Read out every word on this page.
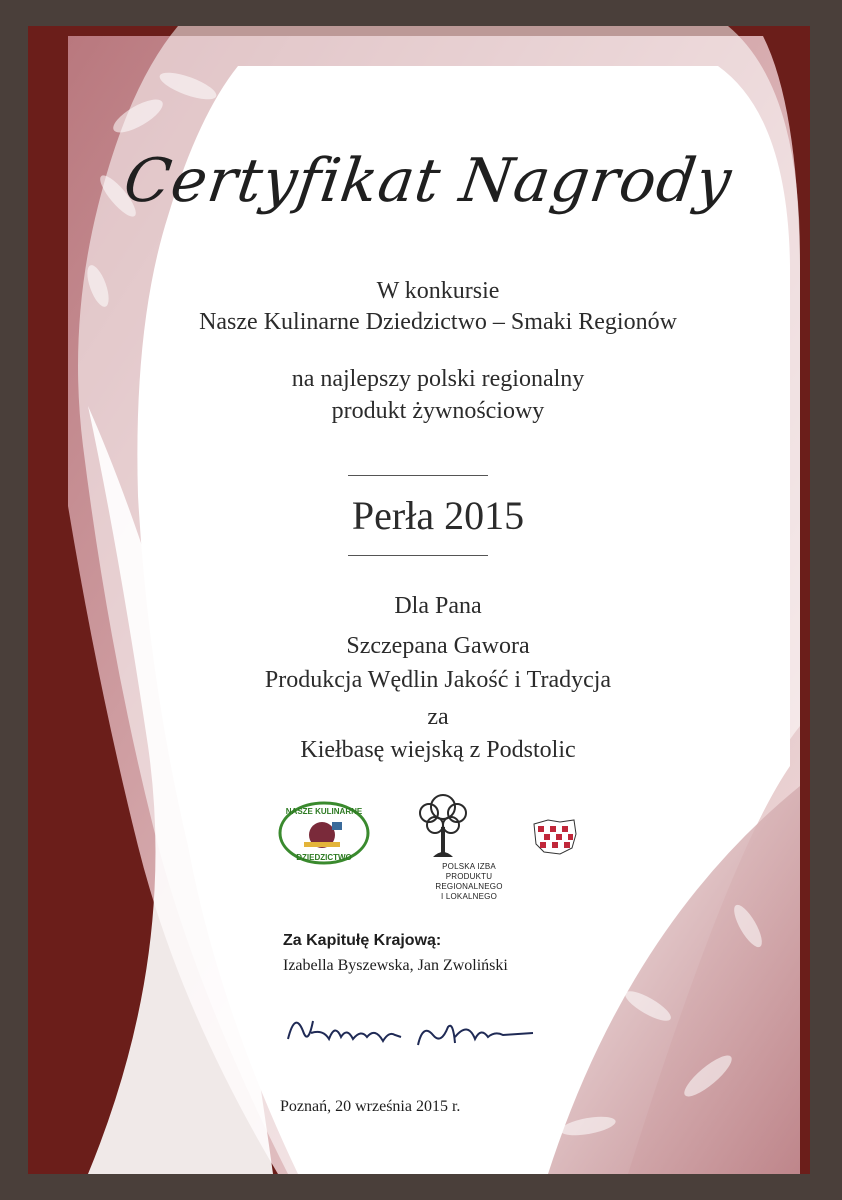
Certyfikat Nagrody
W konkursie
Nasze Kulinarne Dziedzictwo – Smaki Regionów
na najlepszy polski regionalny
produkt żywnościowy
Perła 2015
Dla Pana
Szczepana Gawora
Produkcja Wędlin Jakość i Tradycja
za
Kiełbasę wiejską z Podstolic
NASZE KULINARNE
DZIEDZICTWO
POLSKA IZBA
PRODUKTU
REGIONALNEGO
I LOKALNEGO
Za Kapitułę Krajową:
Izabella Byszewska, Jan Zwoliński
Poznań, 20 września 2015 r.
